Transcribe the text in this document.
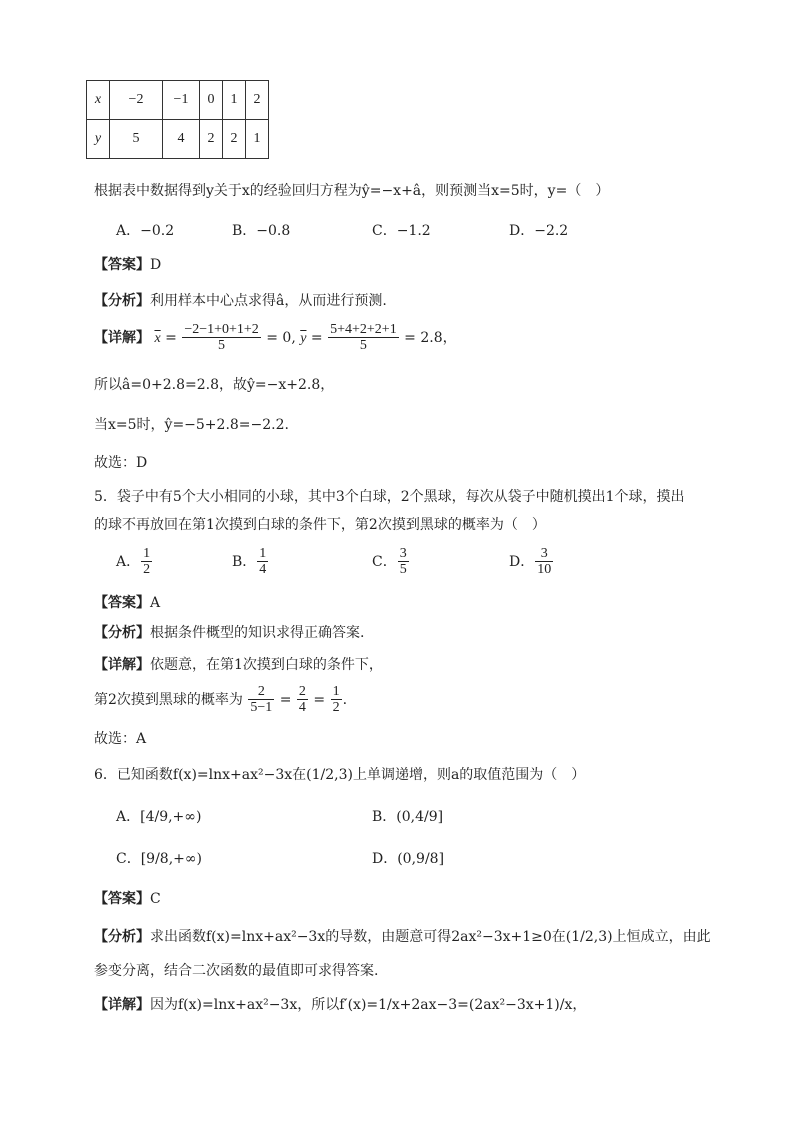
x	−2	−1	0	1	2
y	5	4	2	2	1
根据表中数据得到y关于x的经验回归方程为ŷ=−x+â，则预测当x=5时，y=（　）
A．−0.2	B．−0.8	C．−1.2	D．−2.2
【答案】D
【分析】利用样本中心点求得â，从而进行预测.
【详解】 $\overline{x} = \frac{-2-1+0+1+2}{5} = 0$, $\overline{y} = \frac{5+4+2+2+1}{5} = 2.8$，
所以â=0+2.8=2.8，故ŷ=−x+2.8，
当x=5时，ŷ=−5+2.8=−2.2.
故选：D
5．袋子中有5个大小相同的小球，其中3个白球，2个黑球，每次从袋子中随机摸出1个球，摸出
的球不再放回在第1次摸到白球的条件下，第2次摸到黑球的概率为（　）
A． $\frac{1}{2}$	B． $\frac{1}{4}$	C． $\frac{3}{5}$	D． $\frac{3}{10}$
【答案】A
【分析】根据条件概型的知识求得正确答案.
【详解】依题意，在第1次摸到白球的条件下，
第2次摸到黑球的概率为 $\frac{2}{5-1} = \frac{2}{4} = \frac{1}{2}$ .
故选：A
6．已知函数f(x)=lnx+ax²−3x在(1/2,3)上单调递增，则a的取值范围为（　）
A．[4/9,+∞)	B．(0,4/9]
C．[9/8,+∞)	D．(0,9/8]
【答案】C
【分析】求出函数f(x)=lnx+ax²−3x的导数，由题意可得2ax²−3x+1≥0在(1/2,3)上恒成立，由此
参变分离，结合二次函数的最值即可求得答案.
【详解】因为f(x)=lnx+ax²−3x，所以f′(x)=1/x+2ax−3=(2ax²−3x+1)/x，
